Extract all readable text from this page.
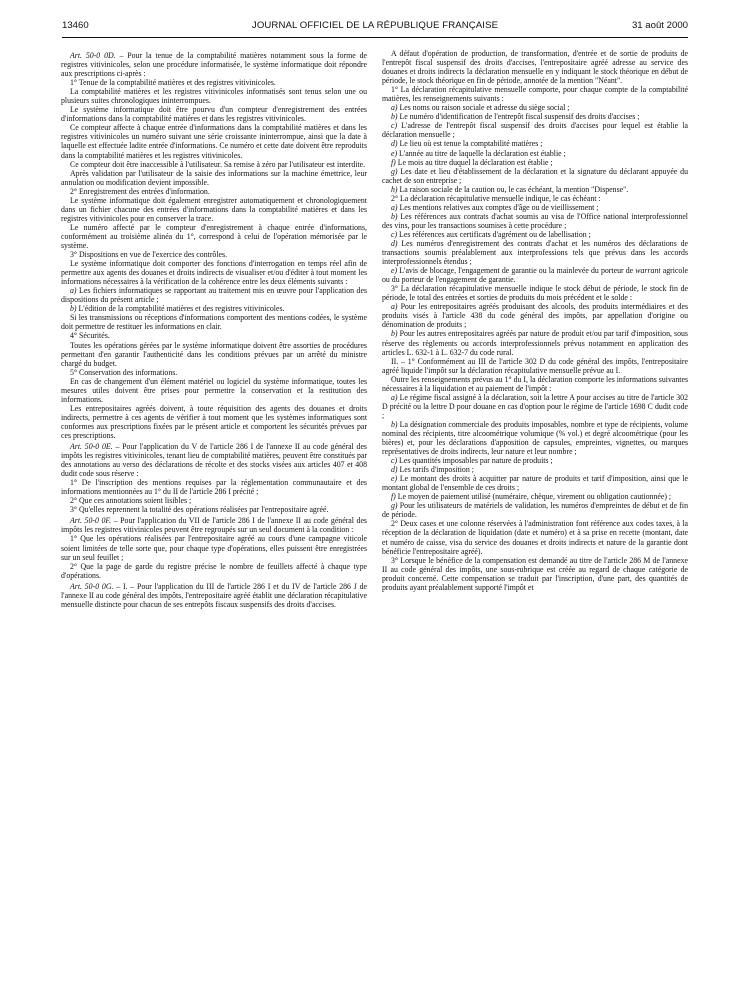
13460	JOURNAL OFFICIEL DE LA RÉPUBLIQUE FRANÇAISE	31 août 2000

Art. 50-0 0D. – Pour la tenue de la comptabilité matières notamment sous la forme de registres vitivinicoles, selon une procédure informatisée, le système informatique doit répondre aux prescriptions ci-après :

1° Tenue de la comptabilité matières et des registres vitivinicoles.

La comptabilité matières et les registres vitivinicoles informatisés sont tenus selon une ou plusieurs suites chronologiques ininterrompues.

Le système informatique doit être pourvu d'un compteur d'enregistrement des entrées d'informations dans la comptabilité matières et dans les registres vitivinicoles.

Ce compteur affecte à chaque entrée d'informations dans la comptabilité matières et dans les registres vitivinicoles un numéro suivant une série croissante ininterrompue, ainsi que la date à laquelle est effectuée ladite entrée d'informations. Ce numéro et cette date doivent être reproduits dans la comptabilité matières et les registres vitivinicoles.

Ce compteur doit être inaccessible à l'utilisateur. Sa remise à zéro par l'utilisateur est interdite.

Après validation par l'utilisateur de la saisie des informations sur la machine émettrice, leur annulation ou modification devient impossible.

2° Enregistrement des entrées d'information.

Le système informatique doit également enregistrer automatiquement et chronologiquement dans un fichier chacune des entrées d'informations dans la comptabilité matières et dans les registres vitivinicoles pour en conserver la trace.

Le numéro affecté par le compteur d'enregistrement à chaque entrée d'informations, conformément au troisième alinéa du 1°, correspond à celui de l'opération mémorisée par le système.

3° Dispositions en vue de l'exercice des contrôles.

Le système informatique doit comporter des fonctions d'interrogation en temps réel afin de permettre aux agents des douanes et droits indirects de visualiser et/ou d'éditer à tout moment les informations nécessaires à la vérification de la cohérence entre les deux éléments suivants :

a) Les fichiers informatiques se rapportant au traitement mis en œuvre pour l'application des dispositions du présent article ;

b) L'édition de la comptabilité matières et des registres vitivinicoles.

Si les transmissions ou réceptions d'informations comportent des mentions codées, le système doit permettre de restituer les informations en clair.

4° Sécurités.

Toutes les opérations gérées par le système informatique doivent être assorties de procédures permettant d'en garantir l'authenticité dans les conditions prévues par un arrêté du ministre chargé du budget.

5° Conservation des informations.

En cas de changement d'un élément matériel ou logiciel du système informatique, toutes les mesures utiles doivent être prises pour permettre la conservation et la restitution des informations.

Les entrepositaires agréés doivent, à toute réquisition des agents des douanes et droits indirects, permettre à ces agents de vérifier à tout moment que les systèmes informatiques sont conformes aux prescriptions fixées par le présent article et comportent les sécurités prévues par ces prescriptions.

Art. 50-0 0E. – Pour l'application du V de l'article 286 I de l'annexe II au code général des impôts les registres vitivinicoles, tenant lieu de comptabilité matières, peuvent être constitués par des annotations au verso des déclarations de récolte et des stocks visées aux articles 407 et 408 dudit code sous réserve :

1° De l'inscription des mentions requises par la réglementation communautaire et des informations mentionnées au 1° du II de l'article 286 I précité ;

2° Que ces annotations soient lisibles ;

3° Qu'elles reprennent la totalité des opérations réalisées par l'entrepositaire agréé.

Art. 50-0 0F. – Pour l'application du VII de l'article 286 I de l'annexe II au code général des impôts les registres vitivinicoles peuvent être regroupés sur un seul document à la condition :

1° Que les opérations réalisées par l'entrepositaire agréé au cours d'une campagne viticole soient limitées de telle sorte que, pour chaque type d'opérations, elles puissent être enregistrées sur un seul feuillet ;

2° Que la page de garde du registre précise le nombre de feuillets affecté à chaque type d'opérations.

Art. 50-0 0G. – I. – Pour l'application du III de l'article 286 I et du IV de l'article 286 J de l'annexe II au code général des impôts, l'entrepositaire agréé établit une déclaration récapitulative mensuelle distincte pour chacun de ses entrepôts fiscaux suspensifs des droits d'accises.

A défaut d'opération de production, de transformation, d'entrée et de sortie de produits de l'entrepôt fiscal suspensif des droits d'accises, l'entrepositaire agréé adresse au service des douanes et droits indirects la déclaration mensuelle en y indiquant le stock théorique en début de période, le stock théorique en fin de période, annotée de la mention "Néant".

1° La déclaration récapitulative mensuelle comporte, pour chaque compte de la comptabilité matières, les renseignements suivants :

a) Les noms ou raison sociale et adresse du siège social ;

b) Le numéro d'identification de l'entrepôt fiscal suspensif des droits d'accises ;

c) L'adresse de l'entrepôt fiscal suspensif des droits d'accises pour lequel est établie la déclaration mensuelle ;

d) Le lieu où est tenue la comptabilité matières ;

e) L'année au titre de laquelle la déclaration est établie ;

f) Le mois au titre duquel la déclaration est établie ;

g) Les date et lieu d'établissement de la déclaration et la signature du déclarant appuyée du cachet de son entreprise ;

h) La raison sociale de la caution ou, le cas échéant, la mention "Dispense".

2° La déclaration récapitulative mensuelle indique, le cas échéant :

a) Les mentions relatives aux comptes d'âge ou de vieillissement ;

b) Les références aux contrats d'achat soumis au visa de l'Office national interprofessionnel des vins, pour les transactions soumises à cette procédure ;

c) Les références aux certificats d'agrément ou de labellisation ;

d) Les numéros d'enregistrement des contrats d'achat et les numéros des déclarations de transactions soumis préalablement aux interprofessions tels que prévus dans les accords interprofessionnels étendus ;

e) L'avis de blocage, l'engagement de garantie ou la mainlevée du porteur de warrant agricole ou du porteur de l'engagement de garantie.

3° La déclaration récapitulative mensuelle indique le stock début de période, le stock fin de période, le total des entrées et sorties de produits du mois précédent et le solde :

a) Pour les entrepositaires agréés produisant des alcools, des produits intermédiaires et des produits visés à l'article 438 du code général des impôts, par appellation d'origine ou dénomination de produits ;

b) Pour les autres entrepositaires agréés par nature de produit et/ou par tarif d'imposition, sous réserve des règlements ou accords interprofessionnels prévus notamment en application des articles L. 632-1 à L. 632-7 du code rural.

II. – 1° Conformément au III de l'article 302 D du code général des impôts, l'entrepositaire agréé liquide l'impôt sur la déclaration récapitulative mensuelle prévue au I.

Outre les renseignements prévus au 1° du I, la déclaration comporte les informations suivantes nécessaires à la liquidation et au paiement de l'impôt :

a) Le régime fiscal assigné à la déclaration, soit la lettre A pour accises au titre de l'article 302 D précité ou la lettre D pour douane en cas d'option pour le régime de l'article 1698 C dudit code ;

b) La désignation commerciale des produits imposables, nombre et type de récipients, volume nominal des récipients, titre alcoométrique volumique (% vol.) et degré alcoométrique (pour les bières) et, pour les déclarations d'apposition de capsules, empreintes, vignettes, ou marques représentatives de droits indirects, leur nature et leur nombre ;

c) Les quantités imposables par nature de produits ;

d) Les tarifs d'imposition ;

e) Le montant des droits à acquitter par nature de produits et tarif d'imposition, ainsi que le montant global de l'ensemble de ces droits ;

f) Le moyen de paiement utilisé (numéraire, chèque, virement ou obligation cautionnée) ;

g) Pour les utilisateurs de matériels de validation, les numéros d'empreintes de début et de fin de période.

2° Deux cases et une colonne réservées à l'administration font référence aux codes taxes, à la réception de la déclaration de liquidation (date et numéro) et à sa prise en recette (montant, date et numéro de caisse, visa du service des douanes et droits indirects et nature de la garantie dont bénéficie l'entrepositaire agréé).

3° Lorsque le bénéfice de la compensation est demandé au titre de l'article 286 M de l'annexe II au code général des impôts, une sous-rubrique est créée au regard de chaque catégorie de produit concerné. Cette compensation se traduit par l'inscription, d'une part, des quantités de produits ayant préalablement supporté l'impôt et
